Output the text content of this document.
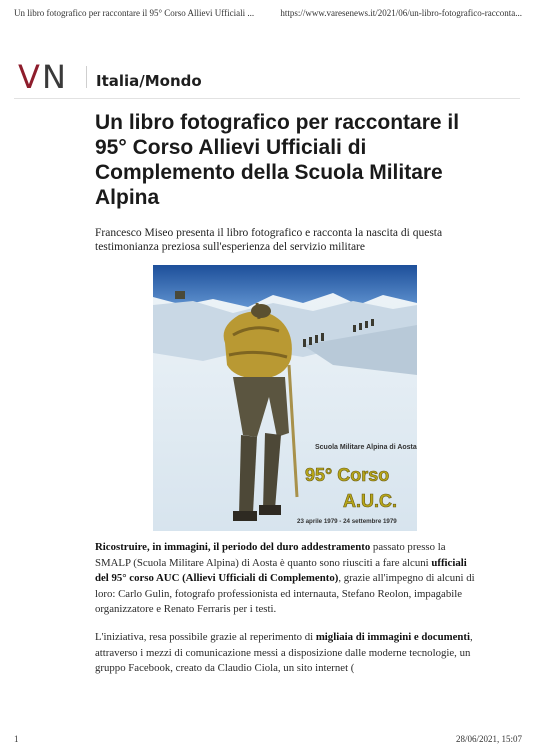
Un libro fotografico per raccontare il 95° Corso Allievi Ufficiali ...	https://www.varesenews.it/2021/06/un-libro-fotografico-racconta...
V N Italia/Mondo
Un libro fotografico per raccontare il 95° Corso Allievi Ufficiali di Complemento della Scuola Militare Alpina

Francesco Miseo presenta il libro fotografico e racconta la nascita di questa testimonianza preziosa sull'esperienza del servizio militare

Scuola Militare Alpina di Aosta
95° Corso
A.U.C.
23 aprile 1979 - 24 settembre 1979

Ricostruire, in immagini, il periodo del duro addestramento passato presso la SMALP (Scuola Militare Alpina) di Aosta è quanto sono riusciti a fare alcuni ufficiali del 95° corso AUC (Allievi Ufficiali di Complemento), grazie all'impegno di alcuni di loro: Carlo Gulin, fotografo professionista ed internauta, Stefano Reolon, impagabile organizzatore e Renato Ferraris per i testi.

L'iniziativa, resa possibile grazie al reperimento di migliaia di immagini e documenti, attraverso i mezzi di comunicazione messi a disposizione dalle moderne tecnologie, un gruppo Facebook, creato da Claudio Ciola, un sito internet (

1	28/06/2021, 15:07
